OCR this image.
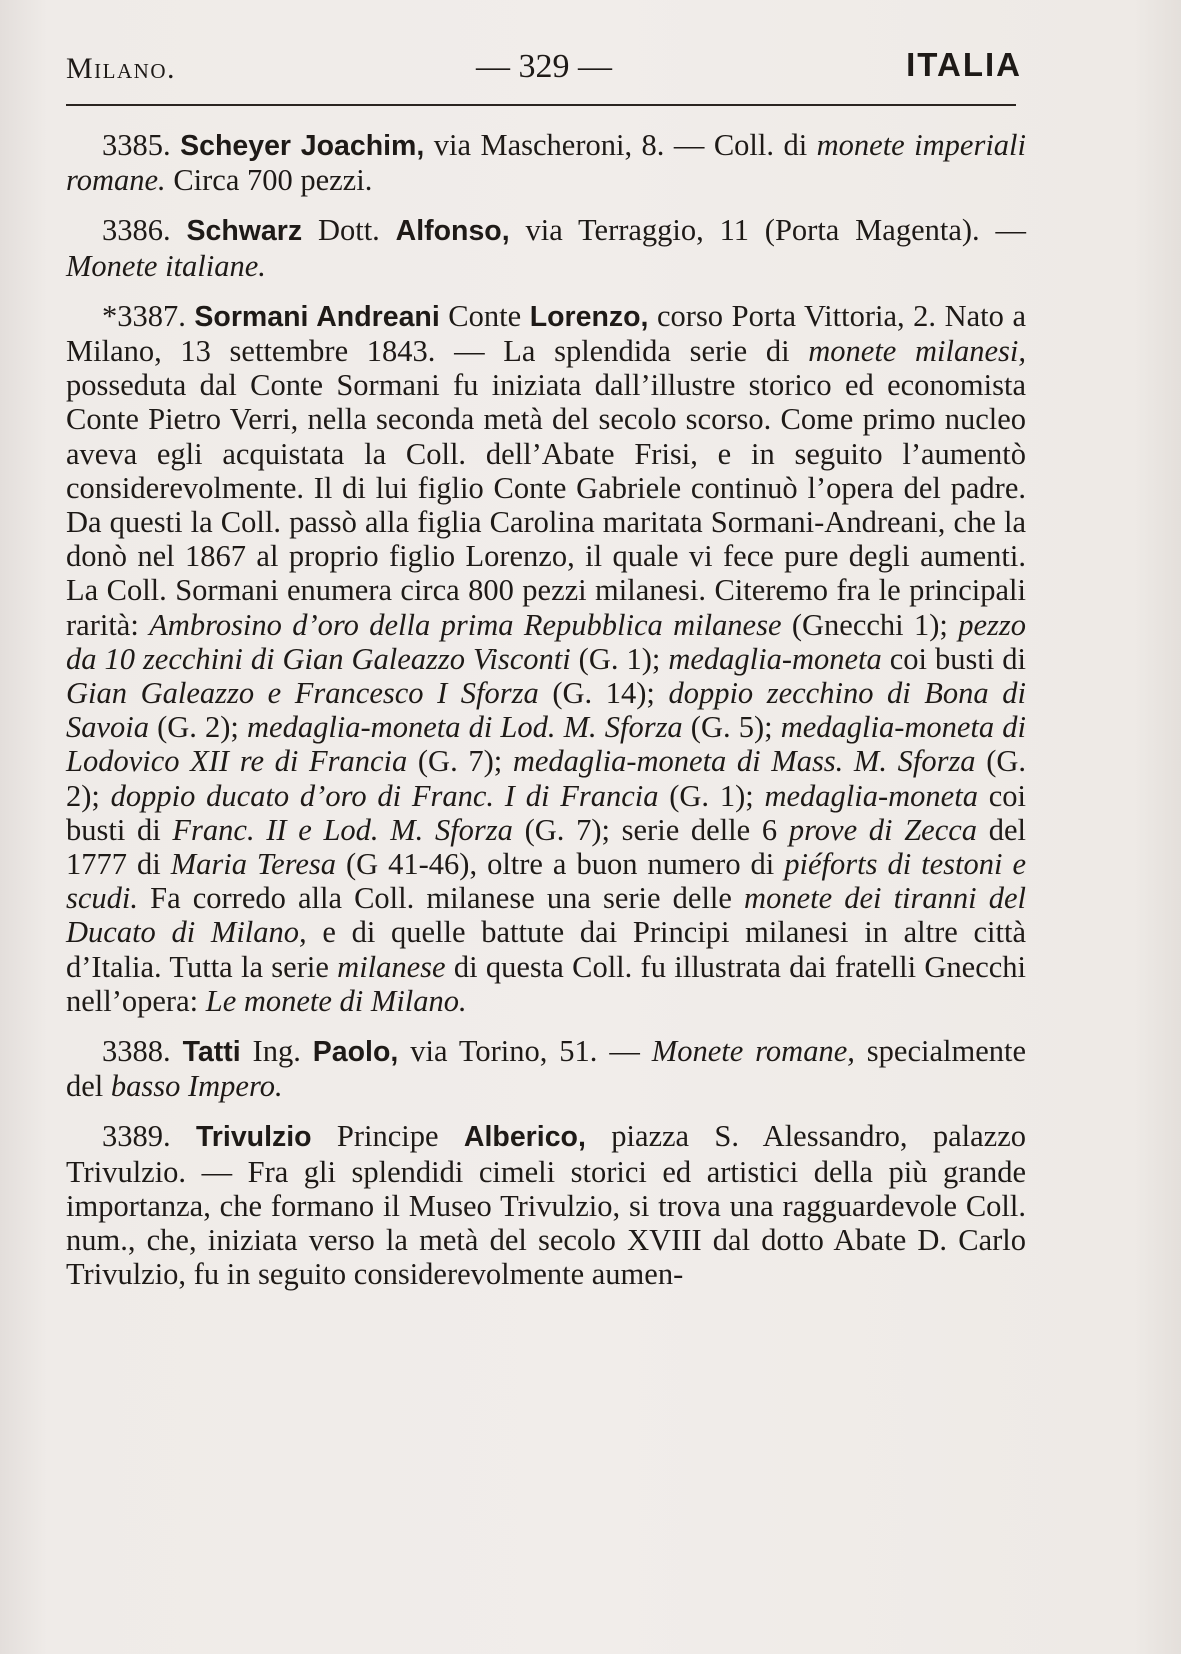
Milano.	— 329 —	ITALIA

3385. Scheyer Joachim, via Mascheroni, 8. — Coll. di monete imperiali romane. Circa 700 pezzi.

3386. Schwarz Dott. Alfonso, via Terraggio, 11 (Porta Magenta). — Monete italiane.

*3387. Sormani Andreani Conte Lorenzo, corso Porta Vittoria, 2. Nato a Milano, 13 settembre 1843. — La splendida serie di monete milanesi, posseduta dal Conte Sormani fu iniziata dall’illustre storico ed economista Conte Pietro Verri, nella seconda metà del secolo scorso. Come primo nucleo aveva egli acquistata la Coll. dell’Abate Frisi, e in seguito l’aumentò considerevolmente. Il di lui figlio Conte Gabriele continuò l’opera del padre. Da questi la Coll. passò alla figlia Carolina maritata Sormani-Andreani, che la donò nel 1867 al proprio figlio Lorenzo, il quale vi fece pure degli aumenti. La Coll. Sormani enumera circa 800 pezzi milanesi. Citeremo fra le principali rarità: Ambrosino d’oro della prima Repubblica milanese (Gnecchi 1); pezzo da 10 zecchini di Gian Galeazzo Visconti (G. 1); medaglia-moneta coi busti di Gian Galeazzo e Francesco I Sforza (G. 14); doppio zecchino di Bona di Savoia (G. 2); medaglia-moneta di Lod. M. Sforza (G. 5); medaglia-moneta di Lodovico XII re di Francia (G. 7); medaglia-moneta di Mass. M. Sforza (G. 2); doppio ducato d’oro di Franc. I di Francia (G. 1); medaglia-moneta coi busti di Franc. II e Lod. M. Sforza (G. 7); serie delle 6 prove di Zecca del 1777 di Maria Teresa (G 41-46), oltre a buon numero di piéforts di testoni e scudi. Fa corredo alla Coll. milanese una serie delle monete dei tiranni del Ducato di Milano, e di quelle battute dai Principi milanesi in altre città d’Italia. Tutta la serie milanese di questa Coll. fu illustrata dai fratelli Gnecchi nell’opera: Le monete di Milano.

3388. Tatti Ing. Paolo, via Torino, 51. — Monete romane, specialmente del basso Impero.

3389. Trivulzio Principe Alberico, piazza S. Alessandro, palazzo Trivulzio. — Fra gli splendidi cimeli storici ed artistici della più grande importanza, che formano il Museo Trivulzio, si trova una ragguardevole Coll. num., che, iniziata verso la metà del secolo XVIII dal dotto Abate D. Carlo Trivulzio, fu in seguito considerevolmente aumen-
